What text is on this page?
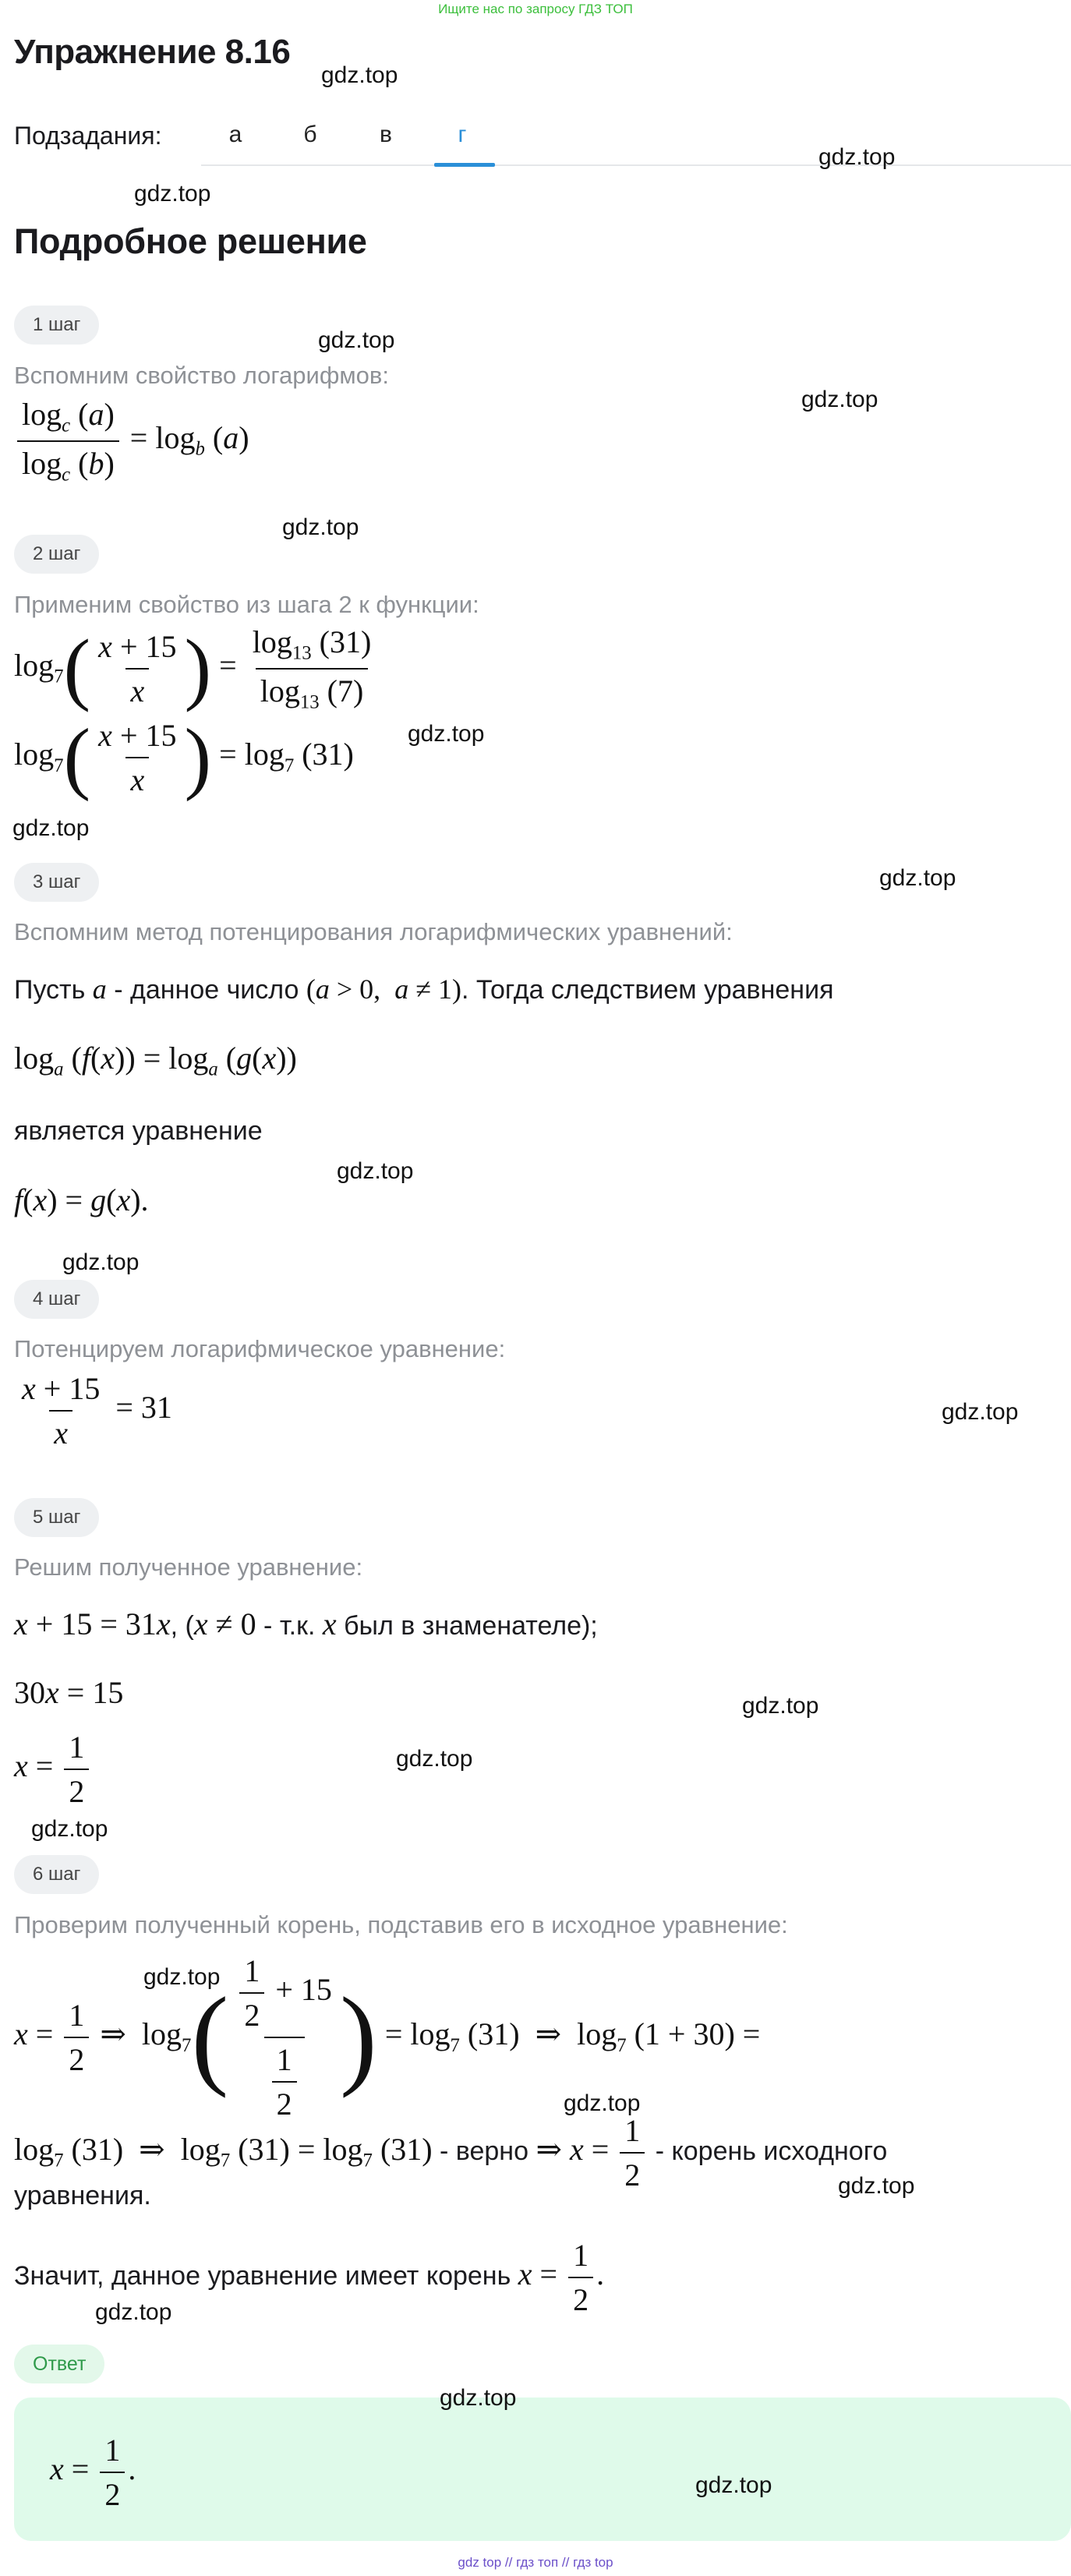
Ищите нас по запросу ГДЗ ТОП
Упражнение 8.16
gdz.top
Подзадания:	а	б	в	г
gdz.top
gdz.top
Подробное решение
1 шаг
gdz.top
Вспомним свойство логарифмов:
gdz.top
$\frac{\log_c (a)}{\log_c (b)} = \log_b (a)$
gdz.top
2 шаг
Применим свойство из шага 2 к функции:
$\log_7( \frac{x + 15}{x}$ ) = $\frac{\log_{13} (31)}{\log_{13} (7)}$
gdz.top
$\log_7( \frac{x + 15}{x}$ ) = $\log_7 (31)$
gdz.top
3 шаг	gdz.top
Вспомним метод потенцирования логарифмических уравнений:
Пусть a - данное число (a > 0,  a ≠ 1). Тогда следствием уравнения
$\log_a (f(x)) = \log_a (g(x))$
является уравнение
gdz.top
f(x) = g(x).
gdz.top
4 шаг
Потенцируем логарифмическое уравнение:
$\frac{x + 15}{x} = 31$	gdz.top
5 шаг
Решим полученное уравнение:
x + 15 = 31x, (x ≠ 0 - т.к. x был в знаменателе);
30x = 15	gdz.top
$x = \frac{1}{2}$	gdz.top
gdz.top
6 шаг
Проверим полученный корень, подставив его в исходное уравнение:
gdz.top
$x = \frac{1}{2}$ ⇒  $\log_7( \frac{\frac{1}{2} + 15}{\frac{1}{2}}$ ) = $\log_7 (31)$  ⇒  $\log_7 (1 + 30)$ =
gdz.top
$\log_7 (31)$  ⇒  $\log_7 (31) = \log_7 (31)$ - верно ⇒ $x = \frac{1}{2}$ - корень исходного
уравнения.	gdz.top
Значит, данное уравнение имеет корень $x = \frac{1}{2}$ .
gdz.top
Ответ
gdz.top
$x = \frac{1}{2}$ .	gdz.top
gdz top // гдз топ // гдз top
